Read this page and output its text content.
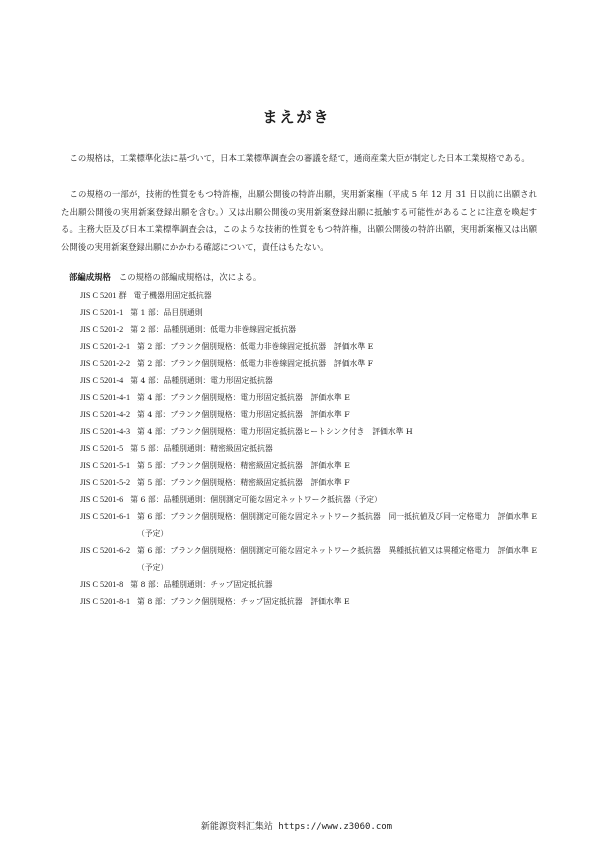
まえがき

この規格は，工業標準化法に基づいて，日本工業標準調査会の審議を経て，通商産業大臣が制定した日本工業規格である。

この規格の一部が，技術的性質をもつ特許権，出願公開後の特許出願，実用新案権（平成 5 年 12 月 31 日以前に出願された出願公開後の実用新案登録出願を含む。）又は出願公開後の実用新案登録出願に抵触する可能性があることに注意を喚起する。主務大臣及び日本工業標準調査会は，このような技術的性質をもつ特許権，出願公開後の特許出願，実用新案権又は出願公開後の実用新案登録出願にかかわる確認について，責任はもたない。

部編成規格 この規格の部編成規格は，次による。
JIS C 5201 群 電子機器用固定抵抗器
JIS C 5201-1 第 1 部：品目別通則
JIS C 5201-2 第 2 部：品種別通則：低電力非巻線固定抵抗器
JIS C 5201-2-1 第 2 部：ブランク個別規格：低電力非巻線固定抵抗器　評価水準 E
JIS C 5201-2-2 第 2 部：ブランク個別規格：低電力非巻線固定抵抗器　評価水準 F
JIS C 5201-4 第 4 部：品種別通則：電力形固定抵抗器
JIS C 5201-4-1 第 4 部：ブランク個別規格：電力形固定抵抗器　評価水準 E
JIS C 5201-4-2 第 4 部：ブランク個別規格：電力形固定抵抗器　評価水準 F
JIS C 5201-4-3 第 4 部：ブランク個別規格：電力形固定抵抗器ヒートシンク付き　評価水準 H
JIS C 5201-5 第 5 部：品種別通則：精密級固定抵抗器
JIS C 5201-5-1 第 5 部：ブランク個別規格：精密級固定抵抗器　評価水準 E
JIS C 5201-5-2 第 5 部：ブランク個別規格：精密級固定抵抗器　評価水準 F
JIS C 5201-6 第 6 部：品種別通則：個別測定可能な固定ネットワーク抵抗器（予定）
JIS C 5201-6-1 第 6 部：ブランク個別規格：個別測定可能な固定ネットワーク抵抗器　同一抵抗値及び同一定格電力　評価水準 E（予定）
JIS C 5201-6-2 第 6 部：ブランク個別規格：個別測定可能な固定ネットワーク抵抗器　異種抵抗値又は異種定格電力　評価水準 E（予定）
JIS C 5201-8 第 8 部：品種別通則：チップ固定抵抗器
JIS C 5201-8-1 第 8 部：ブランク個別規格：チップ固定抵抗器　評価水準 E
新能源资料汇集站 https://www.z3060.com
